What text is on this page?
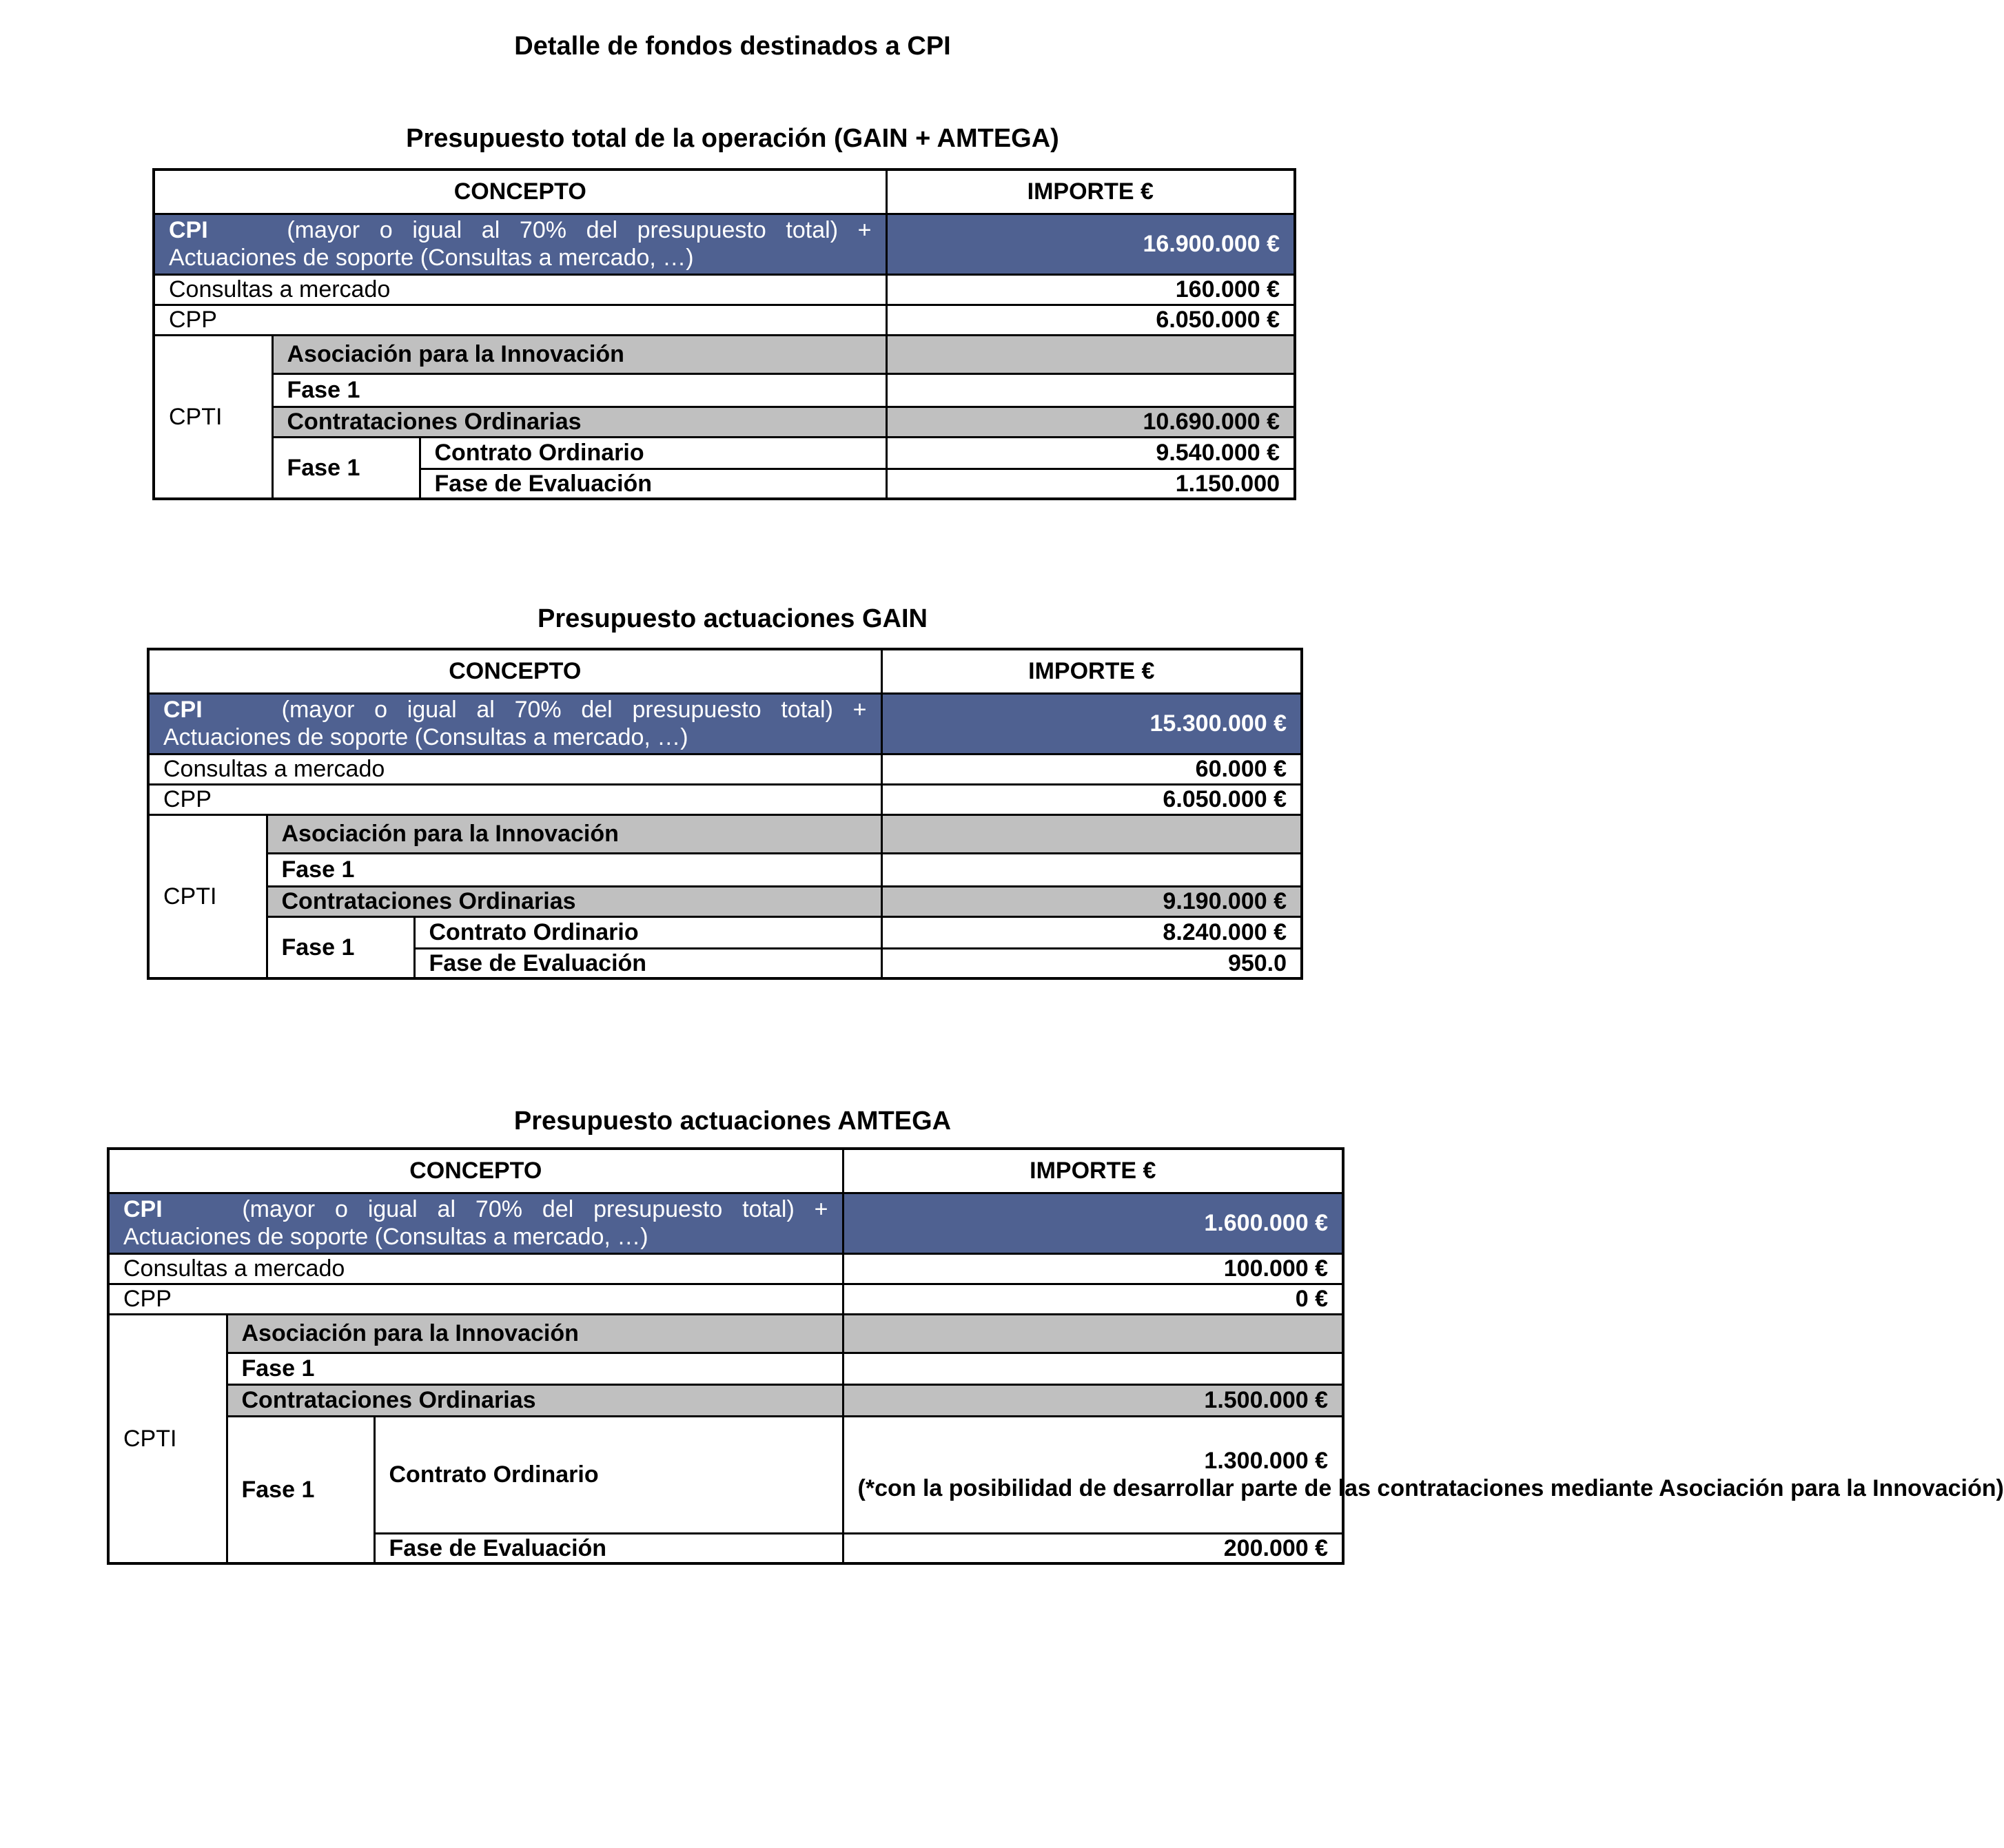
Detalle de fondos destinados a CPI
Presupuesto total de la operación (GAIN + AMTEGA)
CONCEPTO			IMPORTE €
CPI (mayor o igual al 70% del presupuesto total) +
Actuaciones de soporte (Consultas a mercado, …)			16.900.000 €
Consultas a mercado			160.000 €
CPP			6.050.000 €
CPTI	Asociación para la Innovación		
	Fase 1		
	Contrataciones Ordinarias		10.690.000 €
	Fase 1	Contrato Ordinario	9.540.000 €
		Fase de Evaluación	1.150.000
Presupuesto actuaciones GAIN
CONCEPTO			IMPORTE €
CPI (mayor o igual al 70% del presupuesto total) +
Actuaciones de soporte (Consultas a mercado, …)			15.300.000 €
Consultas a mercado			60.000 €
CPP			6.050.000 €
CPTI	Asociación para la Innovación		
	Fase 1		
	Contrataciones Ordinarias		9.190.000 €
	Fase 1	Contrato Ordinario	8.240.000 €
		Fase de Evaluación	950.0
Presupuesto actuaciones AMTEGA
CONCEPTO			IMPORTE €
CPI (mayor o igual al 70% del presupuesto total) +
Actuaciones de soporte (Consultas a mercado, …)			1.600.000 €
Consultas a mercado			100.000 €
CPP			0 €
CPTI	Asociación para la Innovación		
	Fase 1		
	Contrataciones Ordinarias		1.500.000 €
	Fase 1	Contrato Ordinario	1.300.000 €
(*con la posibilidad de desarrollar parte de las contrataciones mediante Asociación para la Innovación)
		Fase de Evaluación	200.000 €
